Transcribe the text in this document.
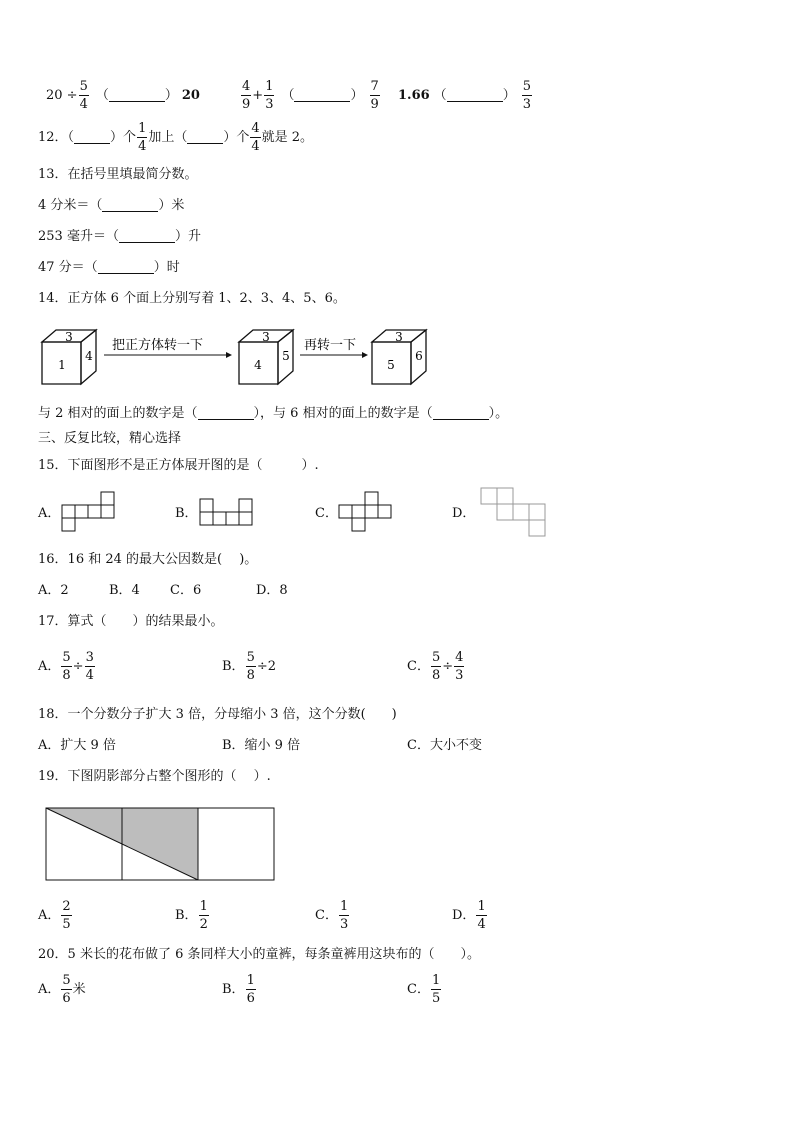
$20 \div \frac{5}{4}$ （	） 20	$\frac{4}{9} + \frac{1}{3}$ （	） $\frac{7}{9} 1.66$ （	） $\frac{5}{3}$
12．（	）个 $\frac{1}{4}$ 加上（	）个 $\frac{4}{4}$ 就是 2。
13．在括号里填最简分数。
4 分米＝（	）米
253 毫升＝（	）升
47 分＝（	）时
14．正方体 6 个面上分别写着 1、2、3、4、5、6。
3
1
4
把正方体转一下
3
4
5
再转一下
3
5
6
与 2 相对的面上的数字是（	），与 6 相对的面上的数字是（	）。
三、反复比较，精心选择
15．下面图形不是正方体展开图的是（　　　）.
A．	B．	C．	D．
16．16 和 24 的最大公因数是(　 )。
A．2	B．4 C．6	D．8
17．算式（　　）的结果最小。
A． $\frac{5}{8} \div \frac{3}{4}$	B． $\frac{5}{8} \div 2$	C． $\frac{5}{8} \div \frac{4}{3}$
18．一个分数分子扩大 3 倍，分母缩小 3 倍，这个分数(　　)
A．扩大 9 倍	B．缩小 9 倍	C．大小不变
19．下图阴影部分占整个图形的（　 ）.
A． $\frac{2}{5}$	B． $\frac{1}{2}$	C． $\frac{1}{3}$	D． $\frac{1}{4}$
20．5 米长的花布做了 6 条同样大小的童裤，每条童裤用这块布的（　　）。
A． $\frac{5}{6}$ 米	B． $\frac{1}{6}$	C． $\frac{1}{5}$
